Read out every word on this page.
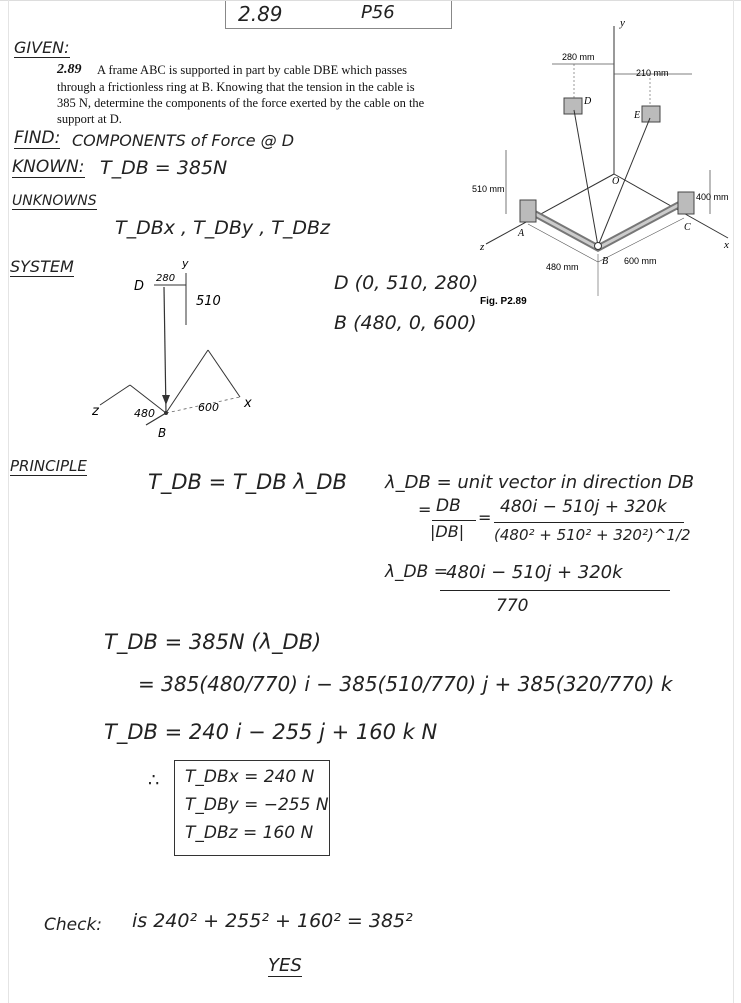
2.89	P56
GIVEN:
2.89 A frame ABC is supported in part by cable DBE which passes
through a frictionless ring at B. Knowing that the tension in the cable is
385 N, determine the components of the force exerted by the cable on the
support at D.
y
x
z
A
B
C
D
E
O
280 mm
210 mm
510 mm
400 mm
480 mm
600 mm
Fig. P2.89
FIND: COMPONENTS of Force @ D
KNOWN: T_DB = 385N
UNKNOWNS
T_DBx , T_DBy , T_DBz
SYSTEM	y
D
280
510
z
x
480	600
B
D (0, 510, 280)
B (480, 0, 600)
PRINCIPLE
T_DB = T_DB λ_DB λ_DB = unit vector in direction DB
= DB
|DB|
=
480i − 510j + 320k
(480² + 510² + 320²)^1/2
λ_DB =
480i − 510j + 320k
770
T_DB = 385N (λ_DB)
= 385(480/770) i − 385(510/770) j + 385(320/770) k
T_DB = 240 i − 255 j + 160 k N
∴ T_DBx = 240 N
T_DBy = −255 N
T_DBz = 160 N
Check: is 240² + 255² + 160² = 385²
YES
